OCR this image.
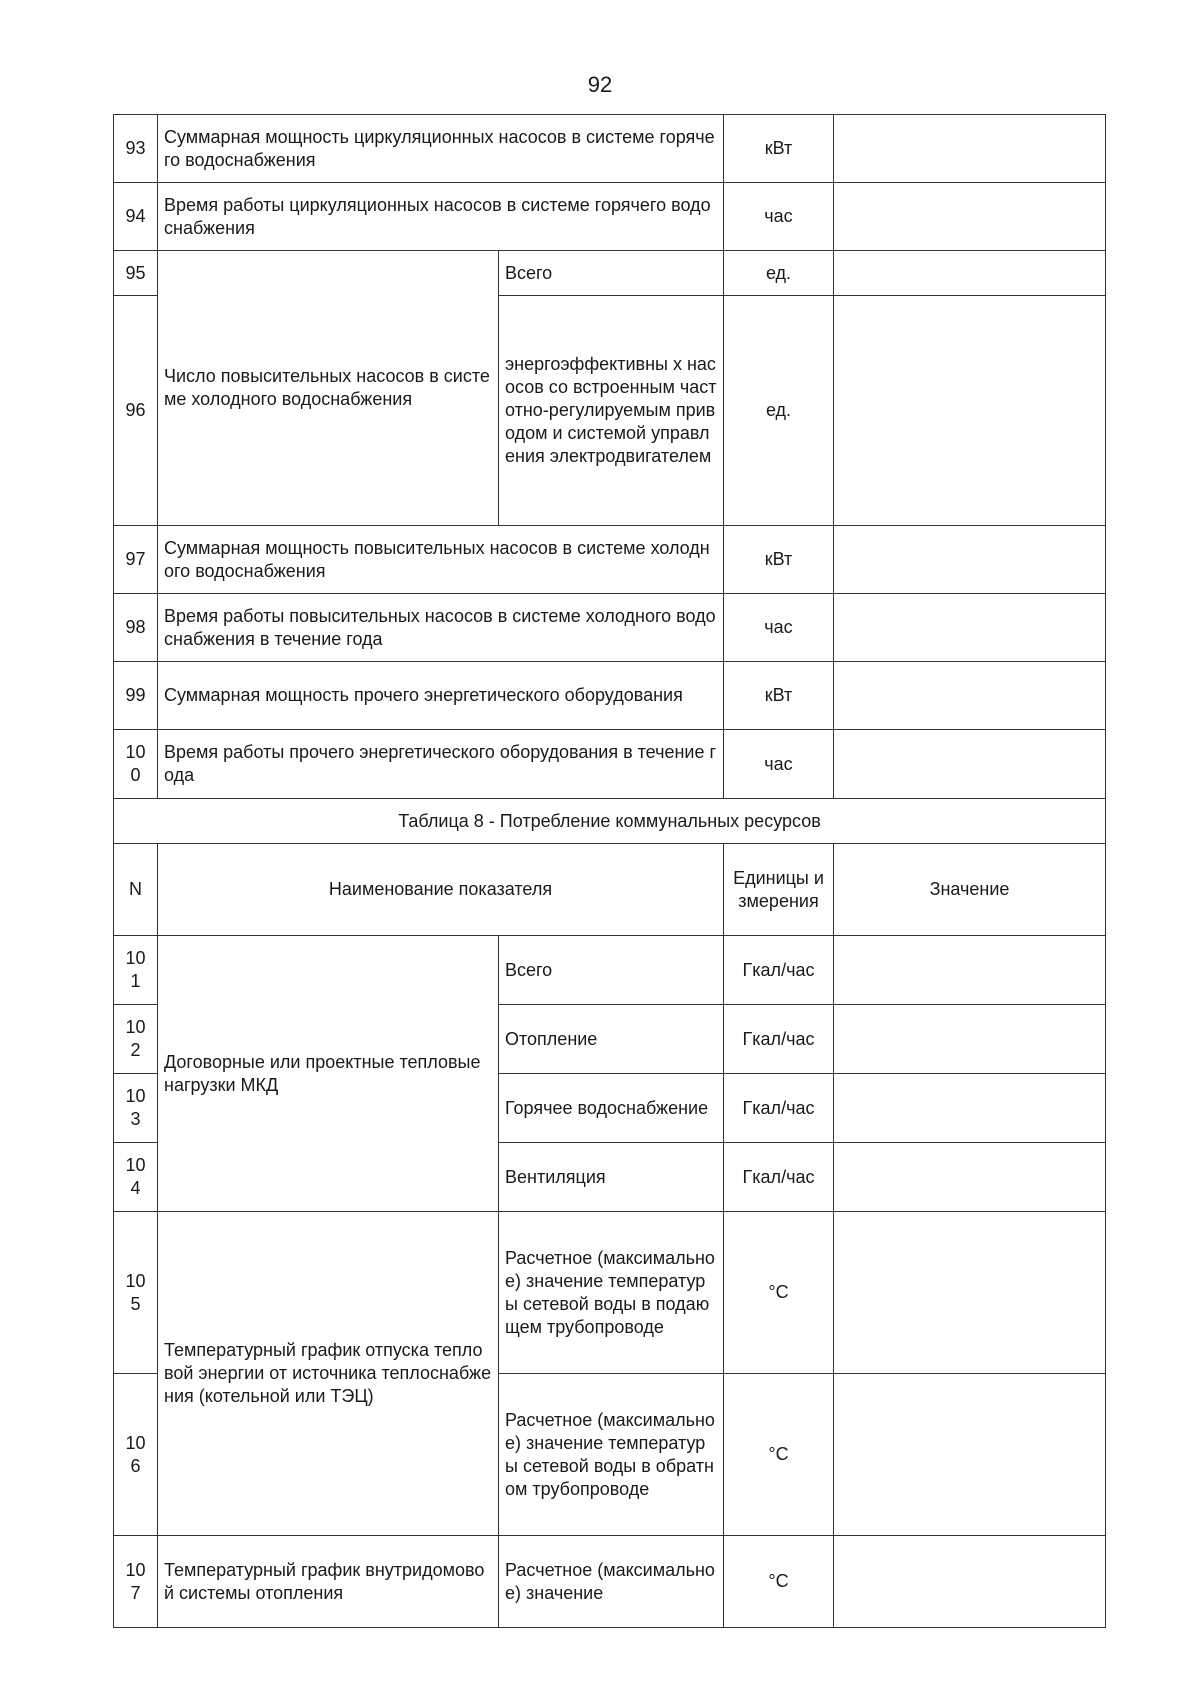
92
93	Суммарная мощность циркуляционных насосов в системе горячего водоснабжения		кВт	
94	Время работы циркуляционных насосов в системе горячего водоснабжения		час	
95	Число повысительных насосов в системе холодного водоснабжения	Всего	ед.	
96		энергоэффективны х насосов со встроенным частотно-регулируемым приводом и системой управления электродвигателем	ед.	
97	Суммарная мощность повысительных насосов в системе холодного водоснабжения		кВт	
98	Время работы повысительных насосов в системе холодного водоснабжения в течение года		час	
99	Суммарная мощность прочего энергетического оборудования		кВт	
10 0	Время работы прочего энергетического оборудования в течение года		час	
Таблица 8 - Потребление коммунальных ресурсов				
N	Наименование показателя		Единицы измерения	Значение
10 1	Договорные или проектные тепловые нагрузки МКД	Всего	Гкал/час	
10 2		Отопление	Гкал/час	
10 3		Горячее водоснабжение	Гкал/час	
10 4		Вентиляция	Гкал/час	
10 5	Температурный график отпуска тепловой энергии от источника теплоснабжения (котельной или ТЭЦ)	Расчетное (максимальное) значение температуры сетевой воды в подающем трубопроводе	°С	
10 6		Расчетное (максимальное) значение температуры сетевой воды в обратном трубопроводе	°С	
10 7	Температурный график внутридомовой системы отопления	Расчетное (максимальное) значение	°С	
